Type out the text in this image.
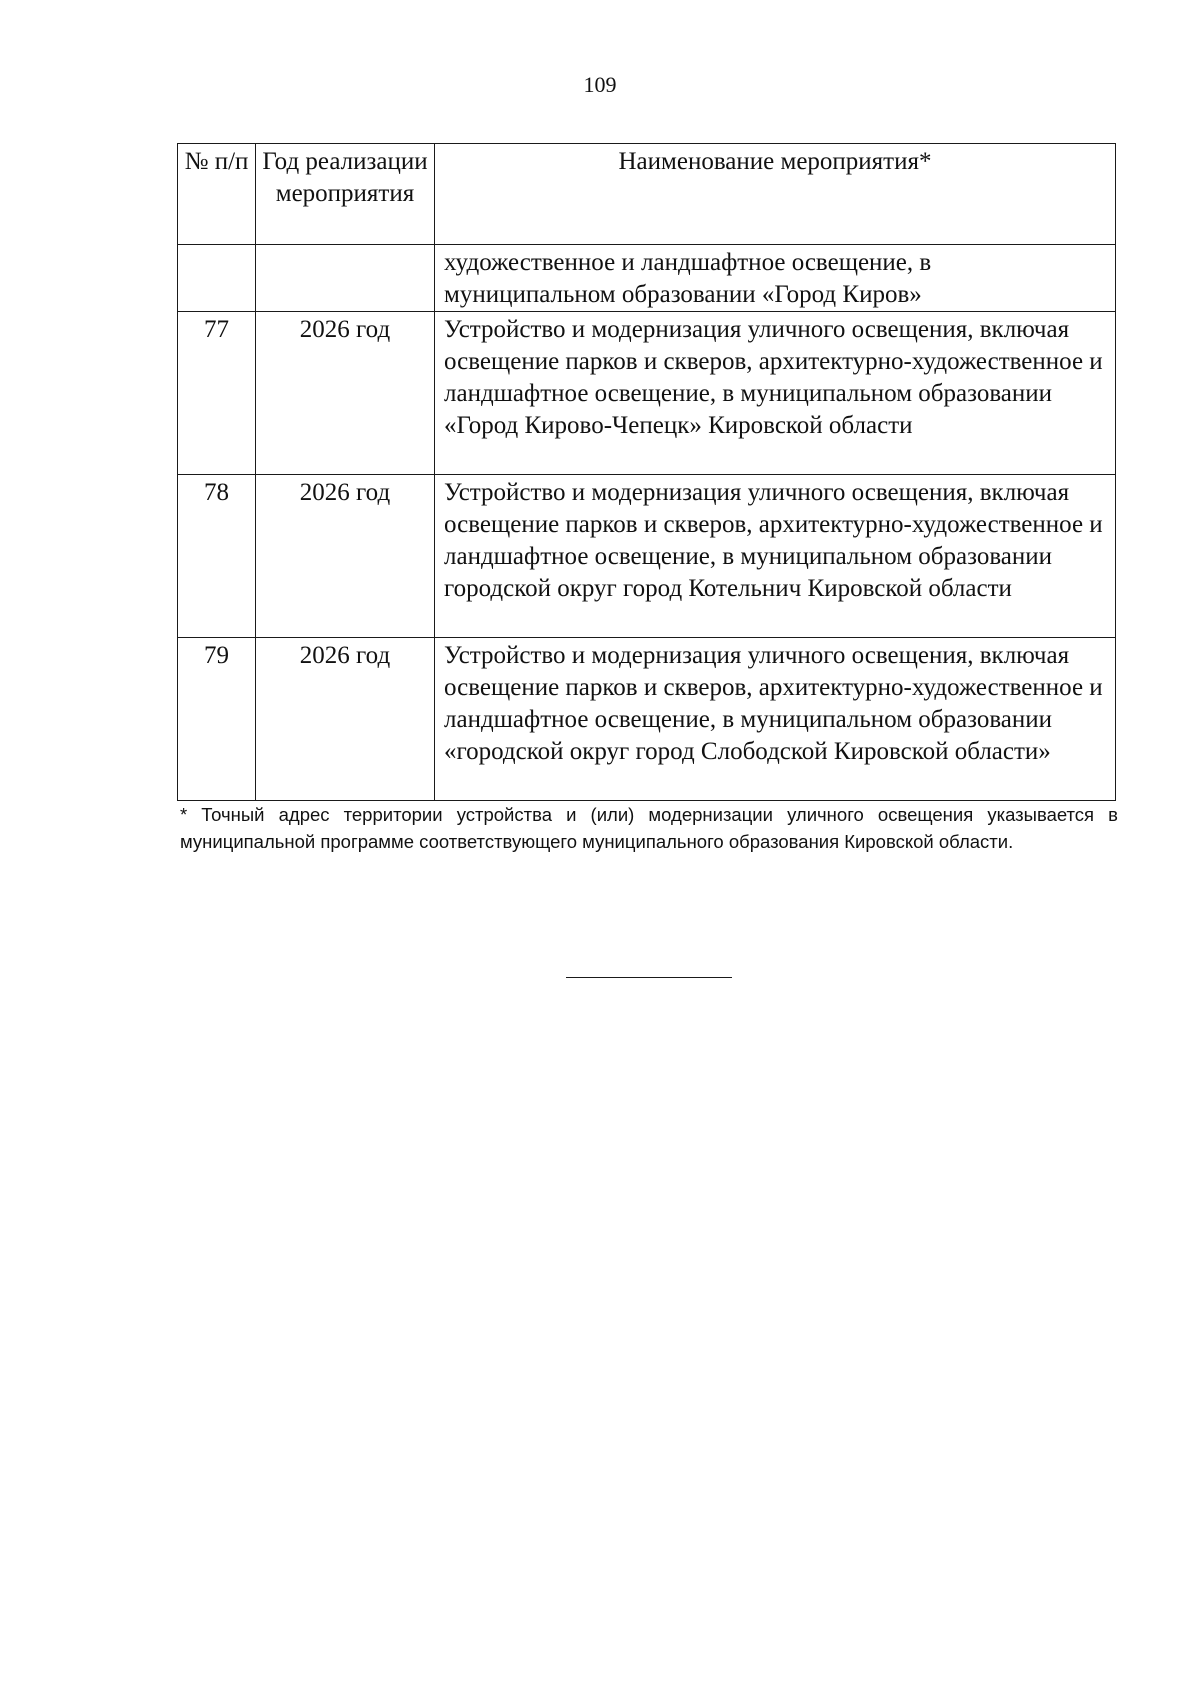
109
№ п/п	Год реализации мероприятия	Наименование мероприятия*
		художественное и ландшафтное освещение, в муниципальном образовании «Город Киров»
77	2026 год	Устройство и модернизация уличного освещения, включая освещение парков и скверов, архитектурно-художественное и ландшафтное освещение, в муниципальном образовании «Город Кирово-Чепецк» Кировской области
78	2026 год	Устройство и модернизация уличного освещения, включая освещение парков и скверов, архитектурно-художественное и ландшафтное освещение, в муниципальном образовании городской округ город Котельнич Кировской области
79	2026 год	Устройство и модернизация уличного освещения, включая освещение парков и скверов, архитектурно-художественное и ландшафтное освещение, в муниципальном образовании «городской округ город Слободской Кировской области»
* Точный адрес территории устройства и (или) модернизации уличного освещения указывается в муниципальной программе соответствующего муниципального образования Кировской области.
